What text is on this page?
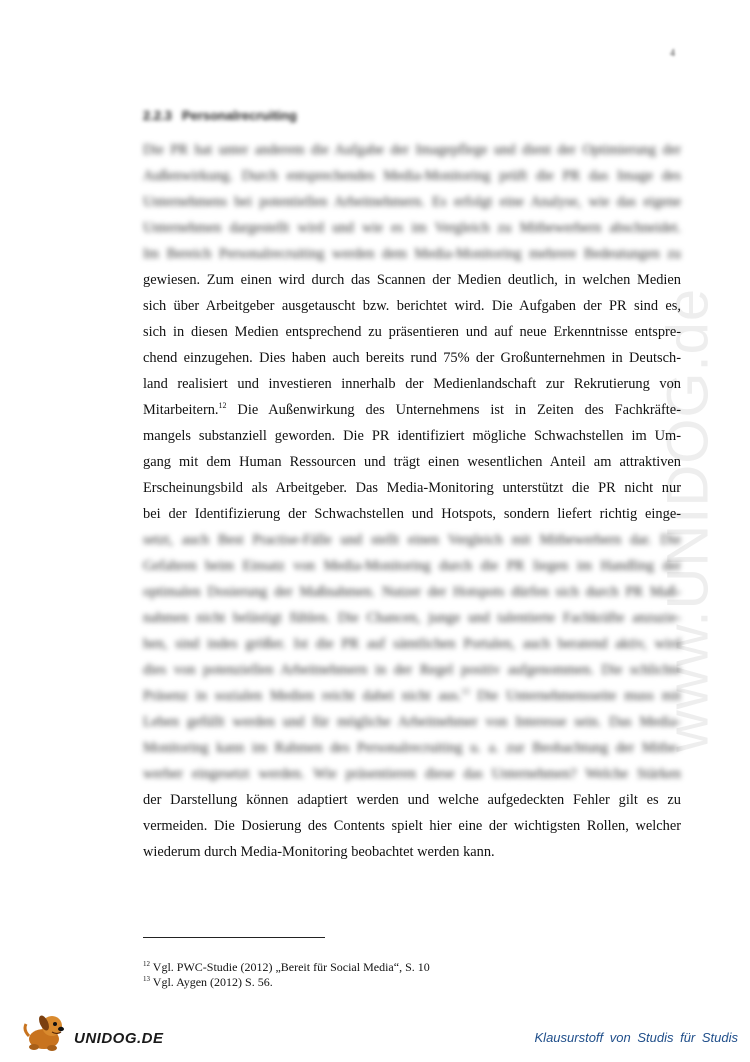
4
2.2.3 Personalrecruiting
www.UNIDOG.de
Die PR hat unter anderem die Aufgabe der Imagepflege und dient der Optimierung der
Außenwirkung. Durch entsprechendes Media-Monitoring prüft die PR das Image des
Unternehmens bei potentiellen Arbeitnehmern. Es erfolgt eine Analyse, wie das eigene
Unternehmen dargestellt wird und wie es im Vergleich zu Mitbewerbern abschneidet.
Im Bereich Personalrecruiting werden dem Media-Monitoring mehrere Bedeutungen zu
gewiesen. Zum einen wird durch das Scannen der Medien deutlich, in welchen Medien
sich über Arbeitgeber ausgetauscht bzw. berichtet wird. Die Aufgaben der PR sind es,
sich in diesen Medien entsprechend zu präsentieren und auf neue Erkenntnisse entspre-
chend einzugehen. Dies haben auch bereits rund 75% der Großunternehmen in Deutsch-
land realisiert und investieren innerhalb der Medienlandschaft zur Rekrutierung von
Mitarbeitern.$^{12}$ Die Außenwirkung des Unternehmens ist in Zeiten des Fachkräfte-
mangels substanziell geworden. Die PR identifiziert mögliche Schwachstellen im Um-
gang mit dem Human Ressourcen und trägt einen wesentlichen Anteil am attraktiven
Erscheinungsbild als Arbeitgeber. Das Media-Monitoring unterstützt die PR nicht nur
bei der Identifizierung der Schwachstellen und Hotspots, sondern liefert richtig einge-
setzt, auch Best Practise-Fälle und stellt einen Vergleich mit Mitbewerbern dar. Die
Gefahren beim Einsatz von Media-Monitoring durch die PR liegen im Handling der
optimalen Dosierung der Maßnahmen. Nutzer der Hotspots dürfen sich durch PR Maß-
nahmen nicht belästigt fühlen. Die Chancen, junge und talentierte Fachkräfte anzuzie-
hen, sind indes größer. Ist die PR auf sämtlichen Portalen, auch beratend aktiv, wird
dies von potenziellen Arbeitnehmern in der Regel positiv aufgenommen. Die schlichte
Präsenz in sozialen Medien reicht dabei nicht aus.$^{13}$ Die Unternehmensseite muss mit
Leben gefüllt werden und für mögliche Arbeitnehmer von Interesse sein. Das Media-
Monitoring kann im Rahmen des Personalrecruiting u. a. zur Beobachtung der Mitbe-
werber eingesetzt werden. Wie präsentieren diese das Unternehmen? Welche Stärken
der Darstellung können adaptiert werden und welche aufgedeckten Fehler gilt es zu
vermeiden. Die Dosierung des Contents spielt hier eine der wichtigsten Rollen, welcher
wiederum durch Media-Monitoring beobachtet werden kann.
$^{12}$ Vgl. PWC-Studie (2012) „Bereit für Social Media“, S. 10
$^{13}$ Vgl. Aygen (2012) S. 56.
UNIDOG.DE	Klausurstoff von Studis für Studis
